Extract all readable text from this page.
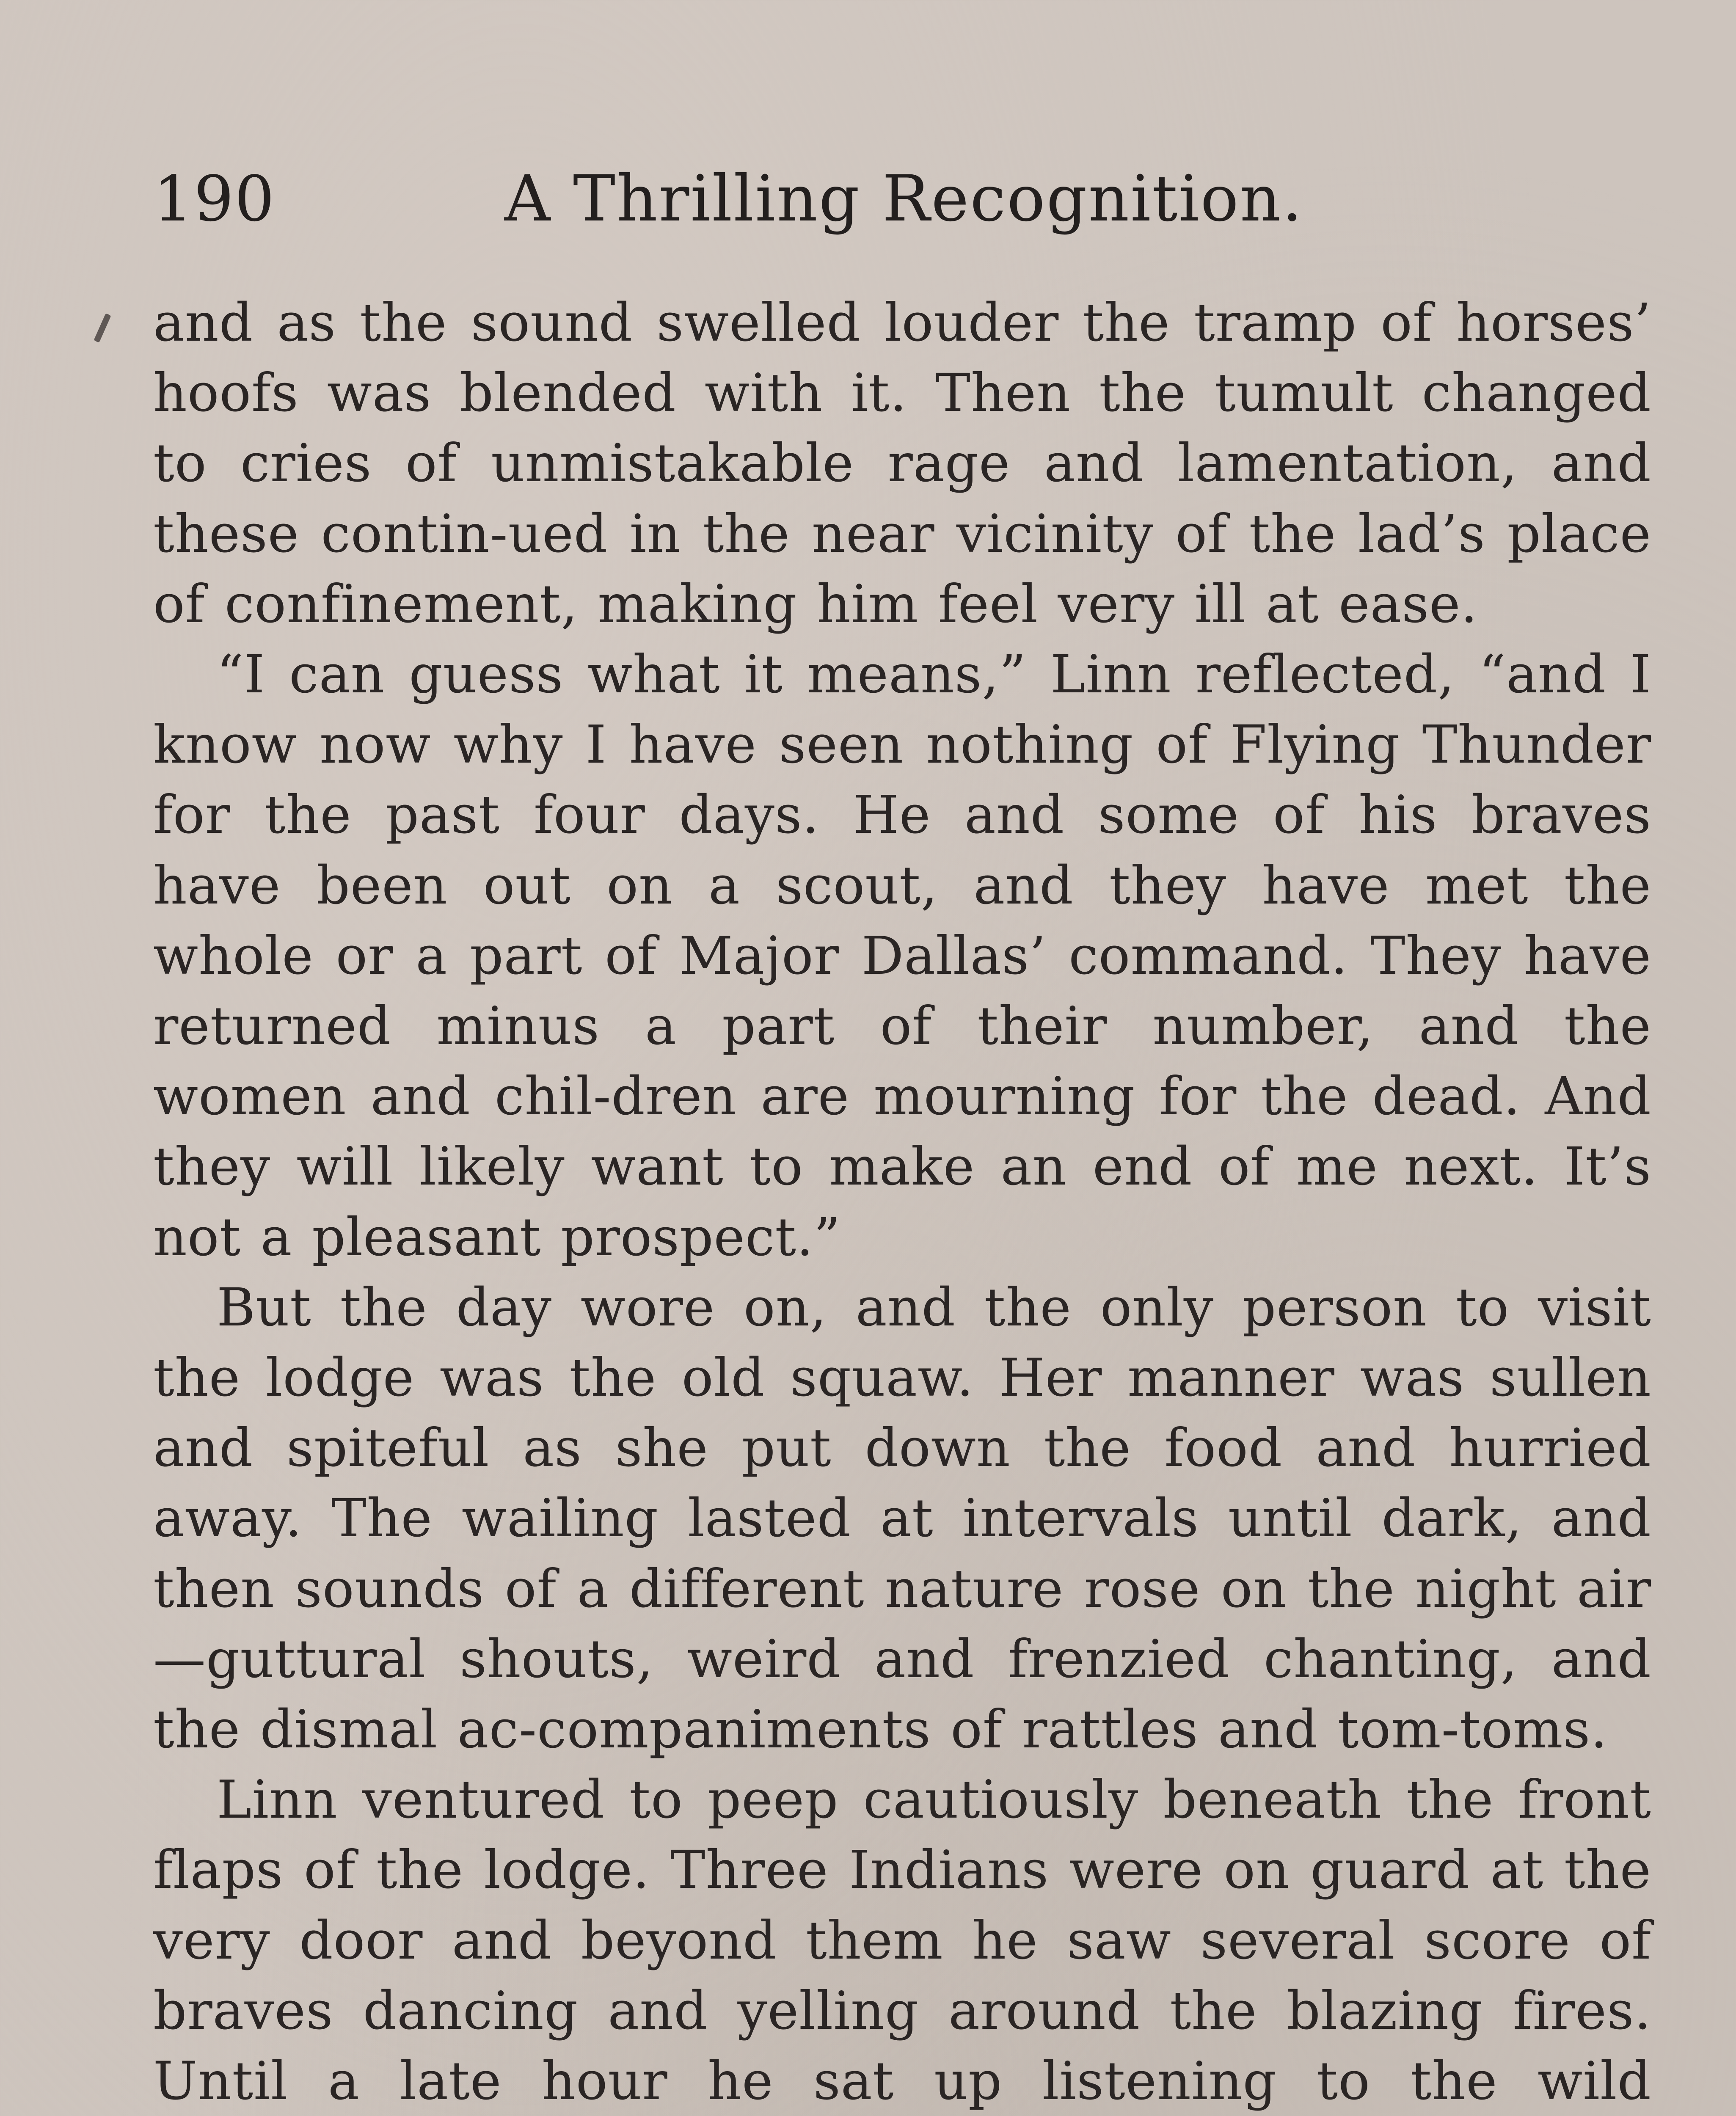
190	A Thrilling Recognition.

and as the sound swelled louder the tramp of horses’ hoofs was blended with it. Then the tumult changed to cries of unmistakable rage and lamentation, and these contin-ued in the near vicinity of the lad’s place of confinement, making him feel very ill at ease.

“I can guess what it means,” Linn reflected, “and I know now why I have seen nothing of Flying Thunder for the past four days. He and some of his braves have been out on a scout, and they have met the whole or a part of Major Dallas’ command. They have returned minus a part of their number, and the women and chil-dren are mourning for the dead. And they will likely want to make an end of me next. It’s not a pleasant prospect.”

But the day wore on, and the only person to visit the lodge was the old squaw. Her manner was sullen and spiteful as she put down the food and hurried away. The wailing lasted at intervals until dark, and then sounds of a different nature rose on the night air—guttural shouts, weird and frenzied chanting, and the dismal ac-companiments of rattles and tom-toms.

Linn ventured to peep cautiously beneath the front flaps of the lodge. Three Indians were on guard at the very door and beyond them he saw several score of braves dancing and yelling around the blazing fires. Until a late hour he sat up listening to the wild
